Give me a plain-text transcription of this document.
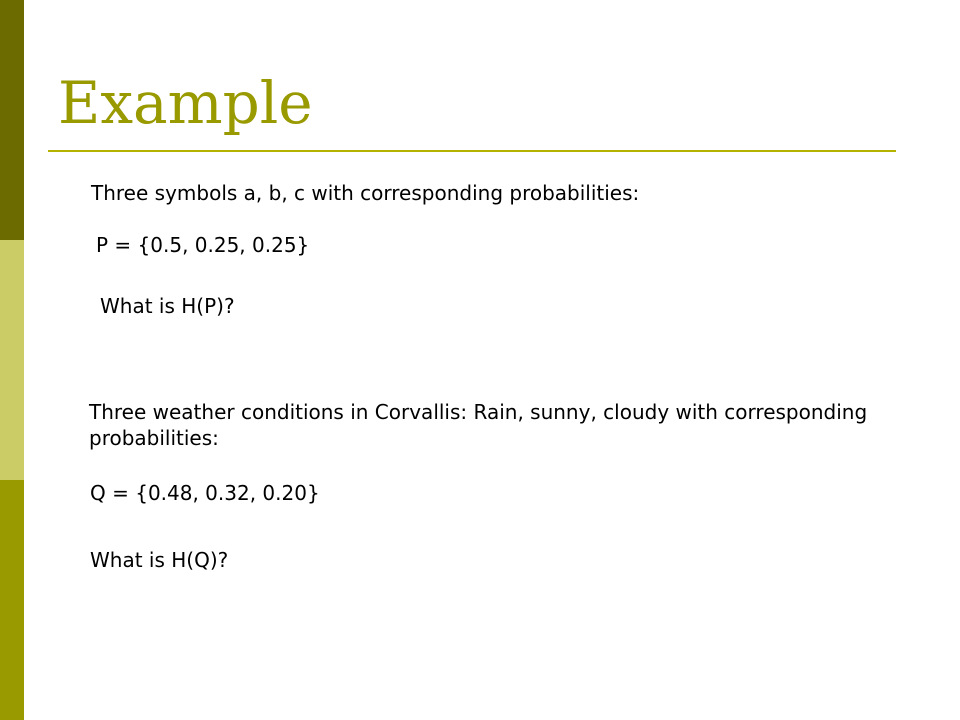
Example
Three symbols a, b, c with corresponding probabilities:
P = {0.5, 0.25, 0.25}
What is H(P)?
Three weather conditions in Corvallis: Rain, sunny, cloudy with corresponding probabilities:
Q = {0.48, 0.32, 0.20}
What is H(Q)?
